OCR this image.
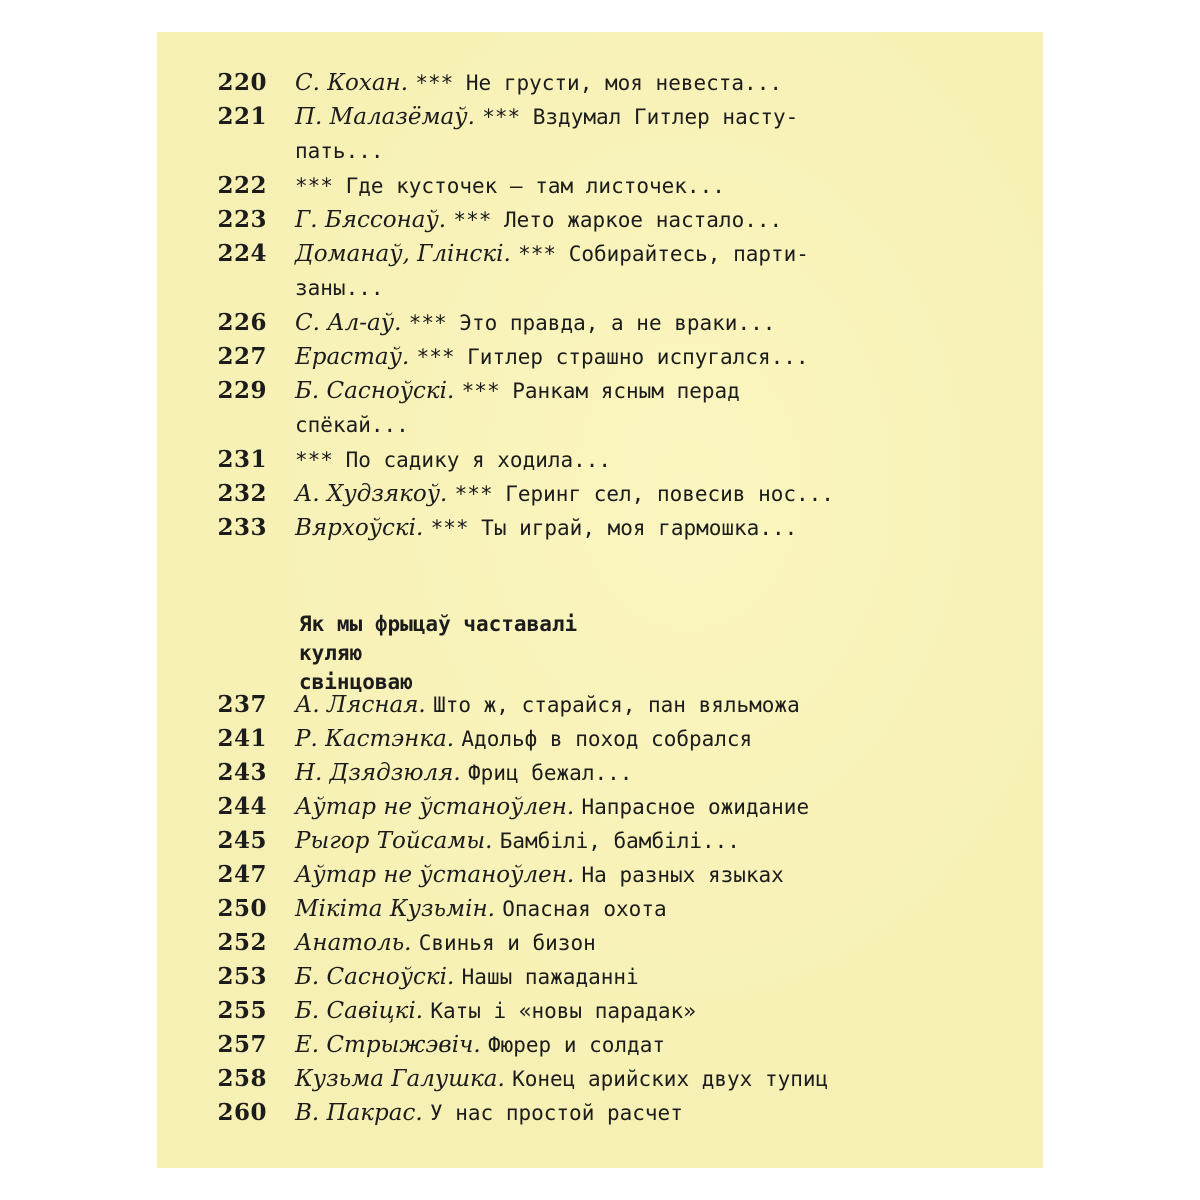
220 С. Кохан. *** Не грусти, моя невеста...
221 П. Малазёмаў. *** Вздумал Гитлер насту-
пать...
222 *** Где кусточек — там листочек...
223 Г. Бяссонаў. *** Лето жаркое настало...
224 Доманаў, Глінскі. *** Собирайтесь, парти-
заны...
226 С. Ал-аў. *** Это правда, а не враки...
227 Ерастаў. *** Гитлер страшно испугался...
229 Б. Сасноўскі. *** Ранкам ясным перад
спёкай...
231 *** По садику я ходила...
232 А. Худзякоў. *** Геринг сел, повесив нос...
233 Вярхоўскі. *** Ты играй, моя гармошка...
237 А. Лясная. Што ж, старайся, пан вяльможа
241 Р. Кастэнка. Адольф в поход собрался
243 Н. Дзядзюля. Фриц бежал...
244 Аўтар не ўстаноўлен. Напрасное ожидание
245 Рыгор Тойсамы. Бамбілі, бамбілі...
247 Аўтар не ўстаноўлен. На разных языках
250 Мікіта Кузьмін. Опасная охота
252 Анатоль. Свинья и бизон
253 Б. Сасноўскі. Нашы пажаданні
255 Б. Савіцкі. Каты і «новы парадак»
257 Е. Стрыжэвіч. Фюрер и солдат
258 Кузьма Галушка. Конец арийских двух тупиц
260 В. Пакрас. У нас простой расчет
Як мы фрыцаў частавалі
куляю
свінцоваю
